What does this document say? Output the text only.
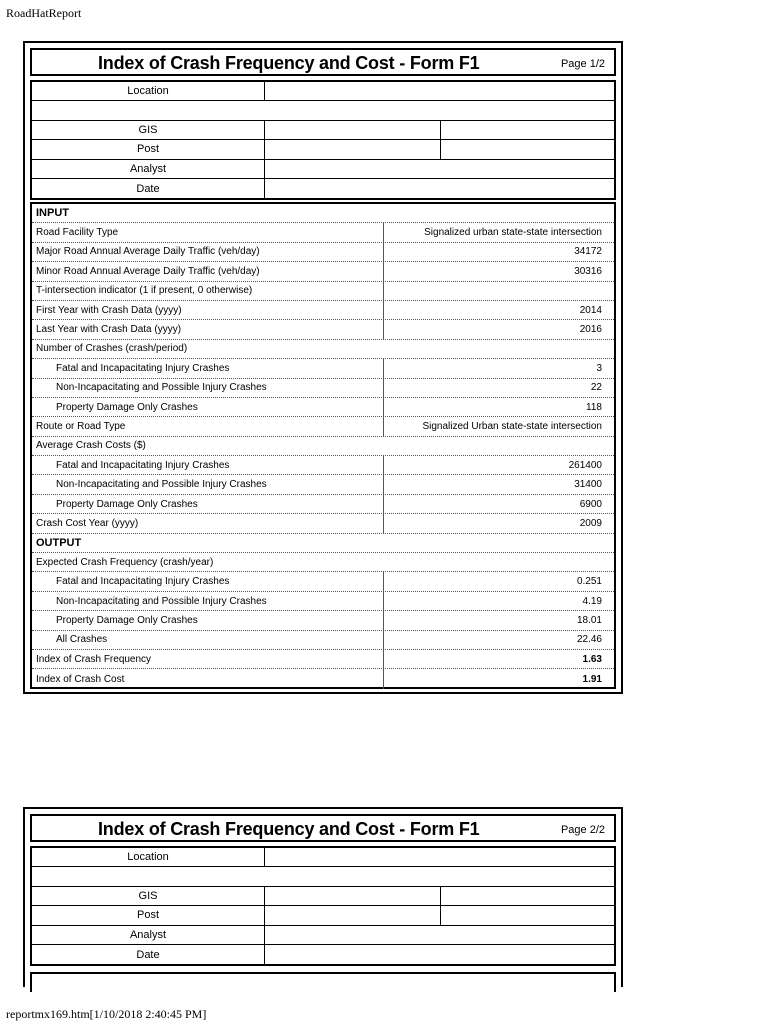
RoadHatReport
Index of Crash Frequency and Cost - Form F1	Page 1/2
Location
GIS
Post
Analyst
Date
INPUT
Road Facility Type	Signalized urban state-state intersection
Major Road Annual Average Daily Traffic (veh/day)	34172
Minor Road Annual Average Daily Traffic (veh/day)	30316
T-intersection indicator (1 if present, 0 otherwise)
First Year with Crash Data (yyyy)	2014
Last Year with Crash Data (yyyy)	2016
Number of Crashes (crash/period)
Fatal and Incapacitating Injury Crashes	3
Non-Incapacitating and Possible Injury Crashes	22
Property Damage Only Crashes	118
Route or Road Type	Signalized Urban state-state intersection
Average Crash Costs ($)
Fatal and Incapacitating Injury Crashes	261400
Non-Incapacitating and Possible Injury Crashes	31400
Property Damage Only Crashes	6900
Crash Cost Year (yyyy)	2009
OUTPUT
Expected Crash Frequency (crash/year)
Fatal and Incapacitating Injury Crashes	0.251
Non-Incapacitating and Possible Injury Crashes	4.19
Property Damage Only Crashes	18.01
All Crashes	22.46
Index of Crash Frequency	1.63
Index of Crash Cost	1.91
Index of Crash Frequency and Cost - Form F1	Page 2/2
Location
GIS
Post
Analyst
Date
reportmx169.htm[1/10/2018 2:40:45 PM]
